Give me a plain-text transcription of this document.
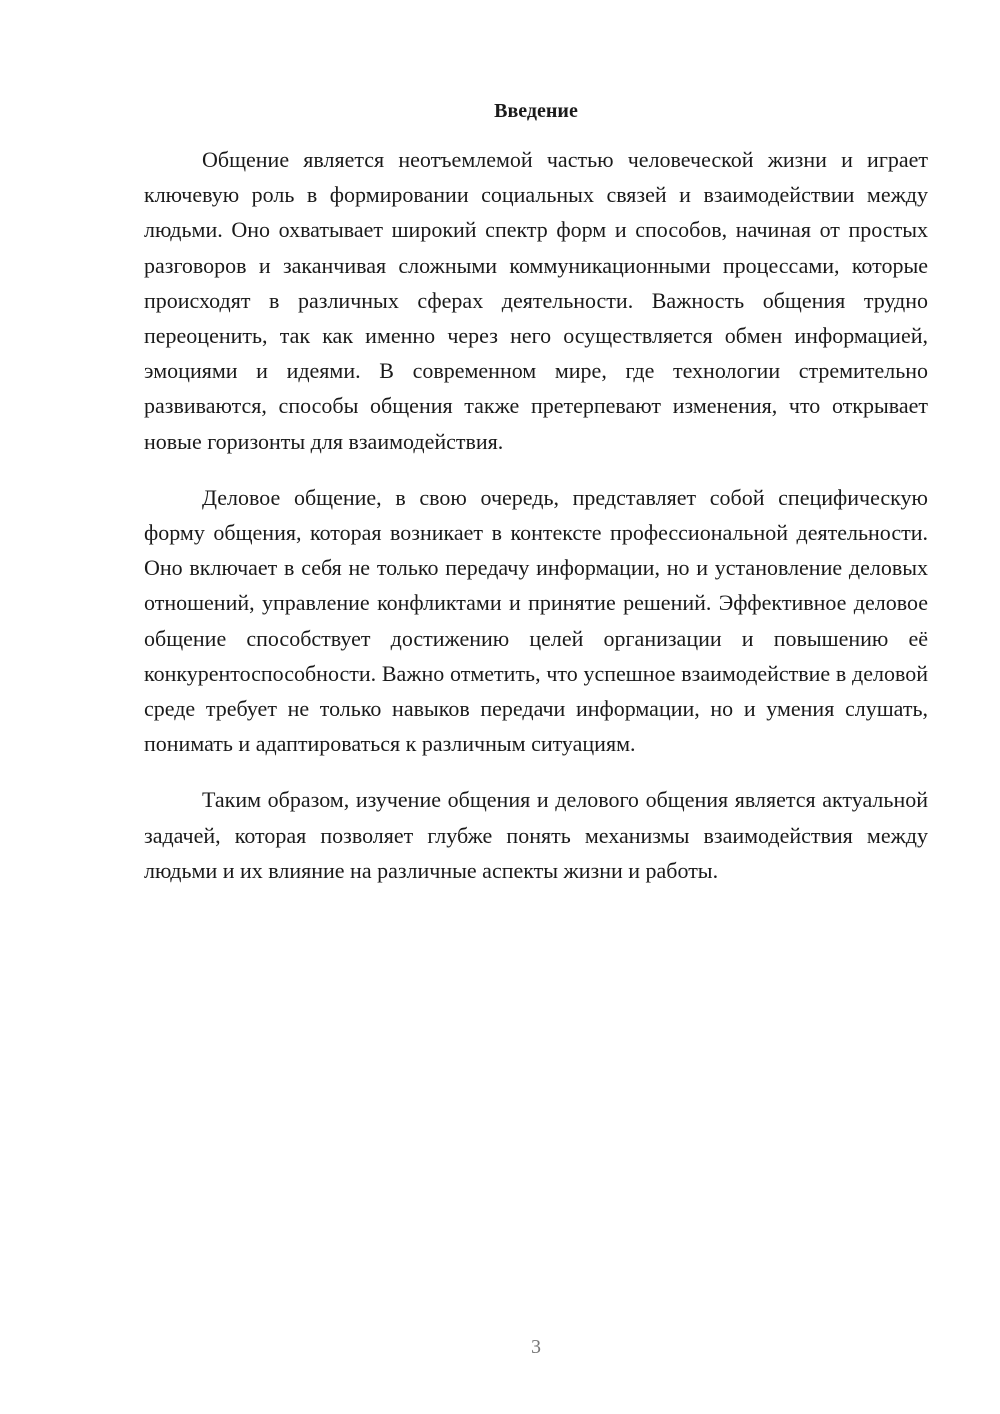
Введение

Общение является неотъемлемой частью человеческой жизни и играет ключевую роль в формировании социальных связей и взаимодействии между людьми. Оно охватывает широкий спектр форм и способов, начиная от простых разговоров и заканчивая сложными коммуникационными процессами, которые происходят в различных сферах деятельности. Важность общения трудно переоценить, так как именно через него осуществляется обмен информацией, эмоциями и идеями. В современном мире, где технологии стремительно развиваются, способы общения также претерпевают изменения, что открывает новые горизонты для взаимодействия.

Деловое общение, в свою очередь, представляет собой специфическую форму общения, которая возникает в контексте профессиональной деятельности. Оно включает в себя не только передачу информации, но и установление деловых отношений, управление конфликтами и принятие решений. Эффективное деловое общение способствует достижению целей организации и повышению её конкурентоспособности. Важно отметить, что успешное взаимодействие в деловой среде требует не только навыков передачи информации, но и умения слушать, понимать и адаптироваться к различным ситуациям.

Таким образом, изучение общения и делового общения является актуальной задачей, которая позволяет глубже понять механизмы взаимодействия между людьми и их влияние на различные аспекты жизни и работы.

3
